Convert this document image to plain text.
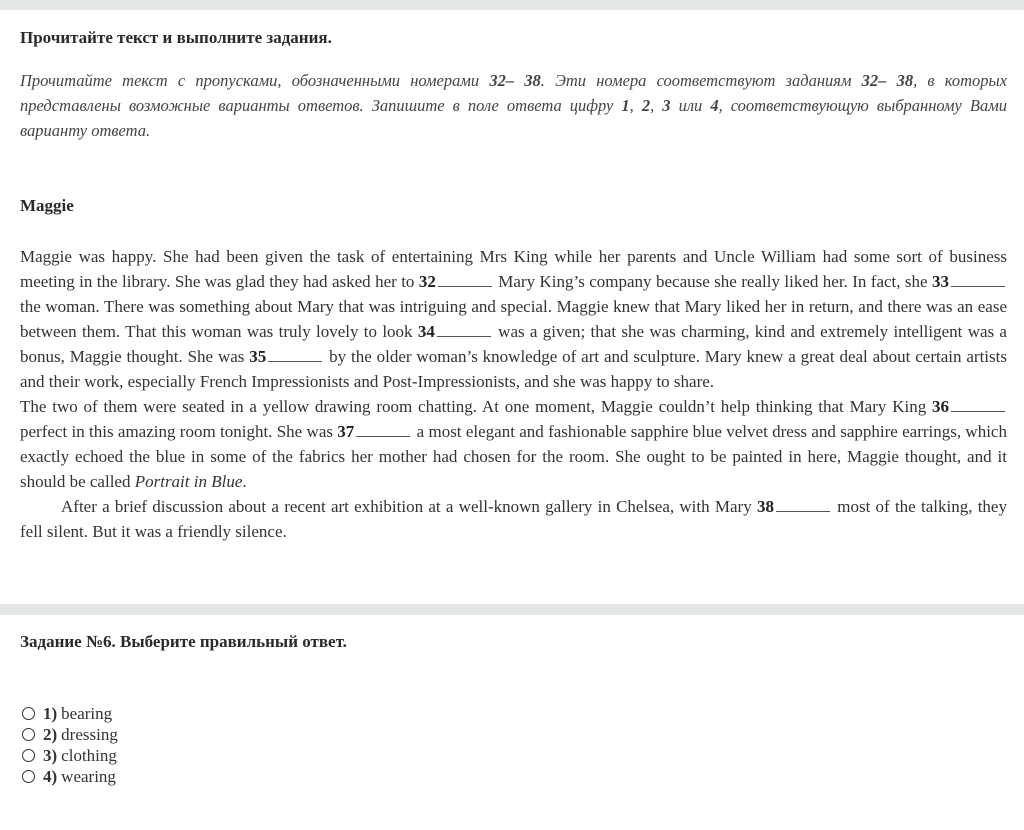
Прочитайте текст и выполните задания.
Прочитайте текст с пропусками, обозначенными номерами 32– 38. Эти номера соответствуют заданиям 32– 38, в которых представлены возможные варианты ответов. Запишите в поле ответа цифру 1, 2, 3 или 4, соответствующую выбранному Вами варианту ответа.
Maggie

Maggie was happy. She had been given the task of entertaining Mrs King while her parents and Uncle William had some sort of business meeting in the library. She was glad they had asked her to 32	Mary King’s company because she really liked her. In fact, she 33 the woman. There was something about Mary that was intriguing and special. Maggie knew that Mary liked her in return, and there was an ease between them. That this woman was truly lovely to look 34	was a given; that she was charming, kind and extremely intelligent was a bonus, Maggie thought. She was 35	by the older woman’s knowledge of art and sculpture. Mary knew a great deal about certain artists and their work, especially French Impressionists and Post-Impressionists, and she was happy to share.

The two of them were seated in a yellow drawing room chatting. At one moment, Maggie couldn’t help thinking that Mary King 36 perfect in this amazing room tonight. She was 37	a most elegant and fashionable sapphire blue velvet dress and sapphire earrings, which exactly echoed the blue in some of the fabrics her mother had chosen for the room. She ought to be painted in here, Maggie thought, and it should be called Portrait in Blue.

After a brief discussion about a recent art exhibition at a well-known gallery in Chelsea, with Mary 38	most of the talking, they fell silent. But it was a friendly silence.

Задание №6. Выберите правильный ответ.
1) bearing
2) dressing
3) clothing
4) wearing
